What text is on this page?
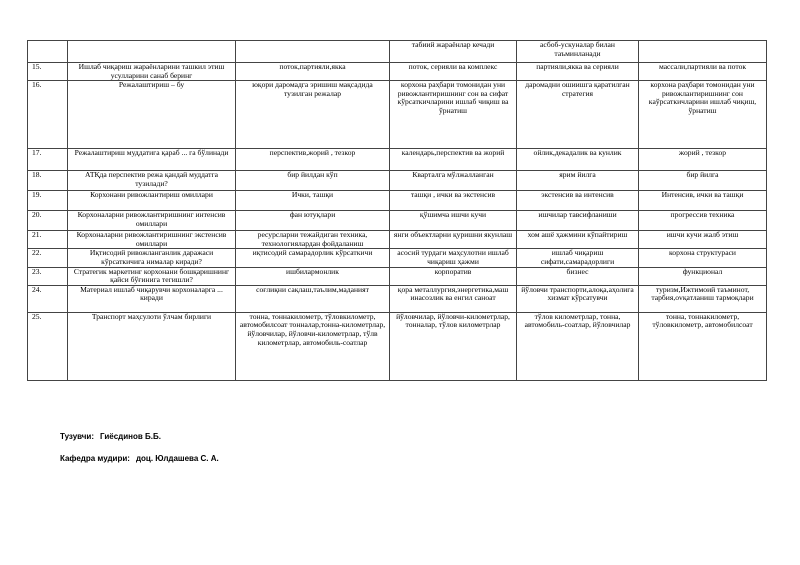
			табиий жараёнлар кечади	асбоб-ускуналар билан таъминланади	
15.	Ишлаб чиқариш жараёнларини ташкил этиш усулларини санаб беринг	поток,партияли,якка	поток, серияли ва комплекс	партияли,якка ва серияли	массали,партияли ва поток
16.	Режалаштириш – бу	юқори даромадга эришиш мақсадида тузилган режалар	корхона раҳбари томонидан уни ривожлантиришнинг сон ва сифат кўрсаткичларини ишлаб чиқиш ва ўрнатиш	даромадни ошиишга қаратилган стратегия	корхона раҳбари томонидан уни ривожлантиришнинг сон кaўрсаткичларини ишлаб чиқиш, ўрнатиш
17.	Режалаштириш муддатига қараб ... га бўлинади	перспектив,жорий , тезкор	календарь,перспектив ва жорий	ойлик,декадалик ва кунлик	жорий , тезкор
18.	АТҚда перспектив режа қандай муддатга тузилади?	бир йилдан кўп	Кварталга мўлжалланган	ярим йилга	бир йилга
19.	Корхонани ривожлантириш омиллари	Ички, ташқи	ташқи , ички ва экстенсив	экстенсив ва интенсив	Интенсив, ички ва ташқи
20.	Корхоналарни ривожлантиришнинг интенсив омиллари	фан ютуқлари	қўшимча ишчи кучи	ишчилар тавсифланиши	прогрессив техника
21.	Корхоналарни ривожлантиришнинг экстенсив омиллари	ресурсларни тежайдиган техника, технологиялардан фойдаланиш	янги объектларни қуришни якунлаш	хом ашё ҳажмини кўпайтириш	ишчи кучи жалб этиш
22.	Иқтисодий ривожланганлик даражаси кўрсаткичига нималар киради?	иқтисодий самарадорлик кўрсаткичи	асосий турдаги маҳсулотни ишлаб чиқариш ҳажми	ишлаб чиқариш сифати,самарадорлиги	корхона структураси
23.	Стратегик маркетинг корхонани бошқаришнинг қайси бўғинига тегишли?	ишбилармонлик	корпоратив	бизнес	функционал
24.	Материал ишлаб чиқарувчи корхоналарга ... киради	соғлиқни сақлаш,таълим,маданият	қора металлургия,энергетика,маш инасозлик ва енгил саноат	йўловчи транспорти,алоқа,аҳолига хизмат кўрсатувчи	туризм,Ижтимоий таъминот, тарбия,ovқатланиш тармоқлари
25.	Транспорт маҳсулоти ўлчам бирлиги	тонна, тоннакилометр, тўловкилометр, автомобилсоат тонналар,тонна-километрлар, йўловчилар, йўловчи-километрлар, тўлв километрлар, автомобиль-соатлар	йўловчилар, йўловчи-километрлар, тонналар, тўлов километрлар	тўлов километрлар, тонна, автомобиль-соатлар, йўловчилар	тонна, тоннакилометр, тўловкилометр, автомобилсоат
Тузувчи: Гиёсдинов Б.Б.
Кафедра мудири: доц. Юлдашева С. А.
